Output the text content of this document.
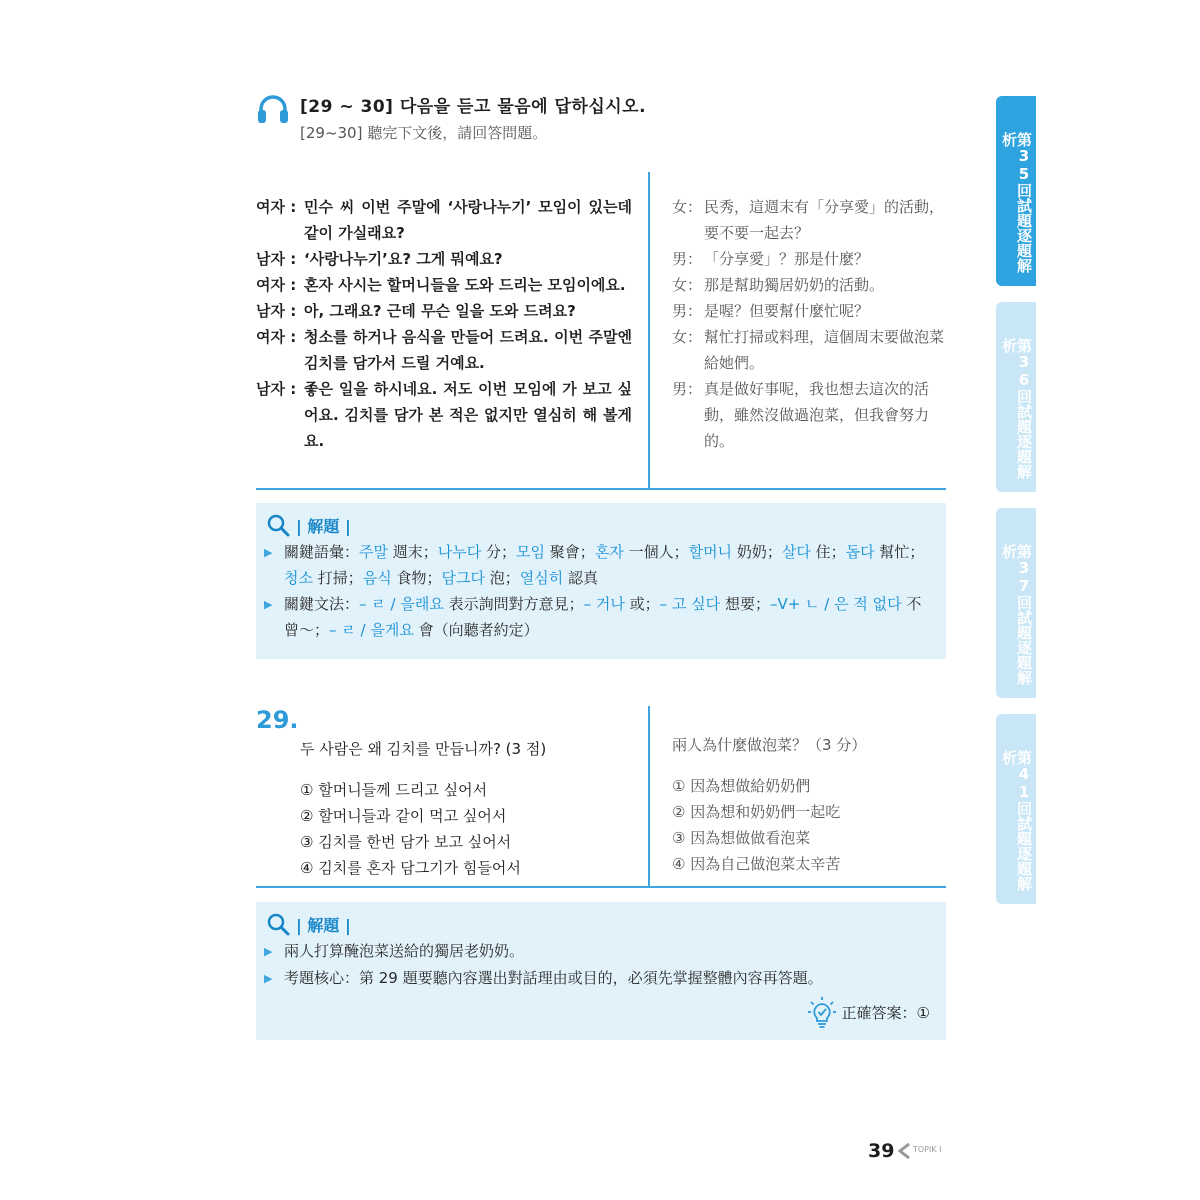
[29 ~ 30] 다음을 듣고 물음에 답하십시오.
[29~30] 聽完下文後，請回答問題。
여자 : 민수 씨 이번 주말에 ‘사랑나누기’ 모임이 있는데 같이 가실래요?
남자 : ‘사랑나누기’요? 그게 뭐예요?
여자 : 혼자 사시는 할머니들을 도와 드리는 모임이에요.
남자 : 아, 그래요? 근데 무슨 일을 도와 드려요?
여자 : 청소를 하거나 음식을 만들어 드려요. 이번 주말엔 김치를 담가서 드릴 거예요.
남자 : 좋은 일을 하시네요. 저도 이번 모임에 가 보고 싶어요. 김치를 담가 본 적은 없지만 열심히 해 볼게요.
女： 民秀，這週末有「分享愛」的活動，要不要一起去？
男： 「分享愛」？那是什麼？
女： 那是幫助獨居奶奶的活動。
男： 是喔？但要幫什麼忙呢？
女： 幫忙打掃或料理，這個周末要做泡菜給她們。
男： 真是做好事呢，我也想去這次的活動，雖然沒做過泡菜，但我會努力的。
| 解題 |
▶ 關鍵語彙：주말 週末；나누다 分；모임 聚會；혼자 一個人；할머니 奶奶；살다 住；돕다 幫忙；청소 打掃；음식 食物；담그다 泡；열심히 認真
▶ 關鍵文法：– ㄹ / 을래요 表示詢問對方意見；– 거나 或；– 고 싶다 想要；–V+ ㄴ / 은 적 없다 不曾～；– ㄹ / 을게요 會（向聽者約定）
29.
두 사람은 왜 김치를 만듭니까? (3 점)
① 할머니들께 드리고 싶어서
② 할머니들과 같이 먹고 싶어서
③ 김치를 한번 담가 보고 싶어서
④ 김치를 혼자 담그기가 힘들어서
兩人為什麼做泡菜？（3 分）
① 因為想做給奶奶們
② 因為想和奶奶們一起吃
③ 因為想做做看泡菜
④ 因為自己做泡菜太辛苦
| 解題 |
▶ 兩人打算醃泡菜送給的獨居老奶奶。
▶ 考題核心：第 29 題要聽內容選出對話理由或目的，必須先掌握整體內容再答題。
正確答案：①
第35回試題逐題解析
第36回試題逐題解析
第37回試題逐題解析
第41回試題逐題解析
39 TOPIK I
